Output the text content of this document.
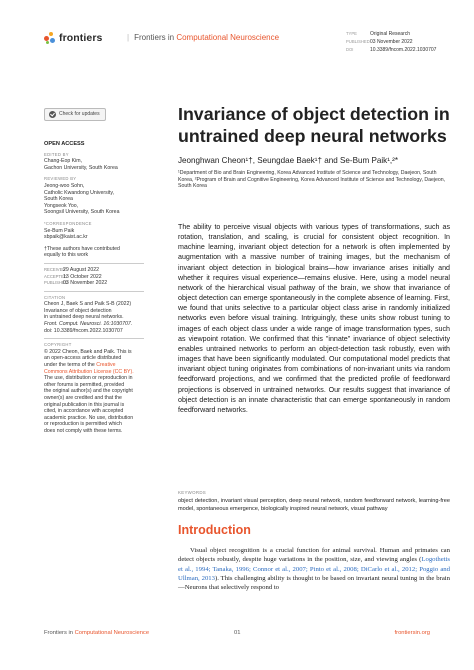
frontiers	| Frontiers in Computational Neuroscience	TYPE	Original Research
PUBLISHED03 November 2022
DOI	10.3389/fncom.2022.1030707
Check for updates
OPEN ACCESS
EDITED BY
Chang-Eop Kim,
Gachon University, South Korea
REVIEWED BY
Jeong-woo Sohn,
Catholic Kwandong University,
South Korea
Yongseok Yoo,
Soongsil University, South Korea
*CORRESPONDENCE
Se-Bum Paik
sbpaik@kaist.ac.kr
†These authors have contributed
equally to this work
RECEIVED29 August 2022
ACCEPTED13 October 2022
PUBLISHED03 November 2022
CITATION
Cheon J, Baek S and Paik S-B (2022)
Invariance of object detection
in untrained deep neural networks.
Front. Comput. Neurosci. 16:1030707.
doi: 10.3389/fncom.2022.1030707
COPYRIGHT
© 2022 Cheon, Baek and Paik. This is
an open-access article distributed
under the terms of the Creative
Commons Attribution License (CC BY).
The use, distribution or reproduction in
other forums is permitted, provided
the original author(s) and the copyright
owner(s) are credited and that the
original publication in this journal is
cited, in accordance with accepted
academic practice. No use, distribution
or reproduction is permitted which
does not comply with these terms.
Invariance of object detection in untrained deep neural networks
Jeonghwan Cheon¹†, Seungdae Baek¹† and Se-Bum Paik¹,²*
¹Department of Bio and Brain Engineering, Korea Advanced Institute of Science and Technology, Daejeon, South Korea, ²Program of Brain and Cognitive Engineering, Korea Advanced Institute of Science and Technology, Daejeon, South Korea

The ability to perceive visual objects with various types of transformations, such as rotation, translation, and scaling, is crucial for consistent object recognition. In machine learning, invariant object detection for a network is often implemented by augmentation with a massive number of training images, but the mechanism of invariant object detection in biological brains—how invariance arises initially and whether it requires visual experience—remains elusive. Here, using a model neural network of the hierarchical visual pathway of the brain, we show that invariance of object detection can emerge spontaneously in the complete absence of learning. First, we found that units selective to a particular object class arise in randomly initialized networks even before visual training. Intriguingly, these units show robust tuning to images of each object class under a wide range of image transformation types, such as viewpoint rotation. We confirmed that this "innate" invariance of object selectivity enables untrained networks to perform an object-detection task robustly, even with images that have been significantly modulated. Our computational model predicts that invariant object tuning originates from combinations of non-invariant units via random feedforward projections, and we confirmed that the predicted profile of feedforward projections is observed in untrained networks. Our results suggest that invariance of object detection is an innate characteristic that can emerge spontaneously in random feedforward networks.

KEYWORDS
object detection, invariant visual perception, deep neural network, random feedforward network, learning-free model, spontaneous emergence, biologically inspired neural network, visual pathway
Introduction

Visual object recognition is a crucial function for animal survival. Human and primates can detect objects robustly, despite huge variations in the position, size, and viewing angles (Logothetis et al., 1994; Tanaka, 1996; Connor et al., 2007; Pinto et al., 2008; DiCarlo et al., 2012; Poggio and Ullman, 2013). This challenging ability is thought to be based on invariant neural tuning in the brain—Neurons that selectively respond to

Frontiers in Computational Neuroscience	01	frontiersin.org
